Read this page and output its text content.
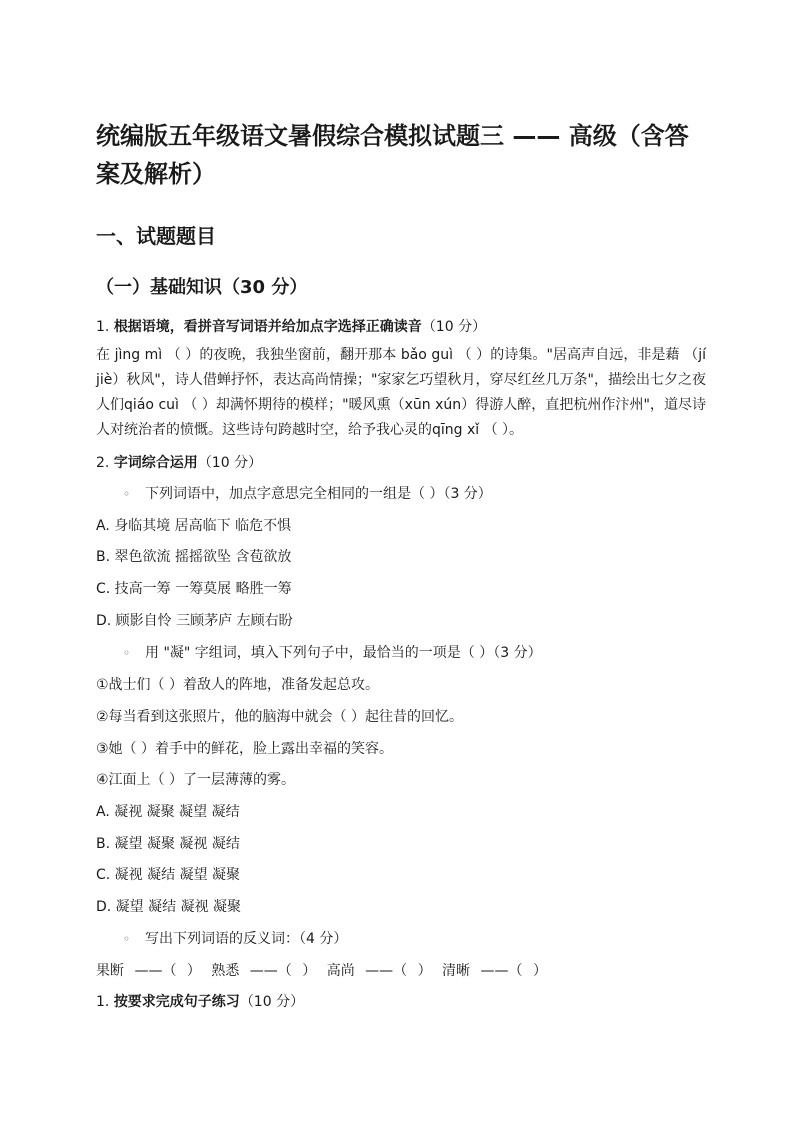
统编版五年级语文暑假综合模拟试题三 —— 高级（含答
案及解析）
一、试题题目
（一）基础知识（30 分）
1. 根据语境，看拼音写词语并给加点字选择正确读音（10 分）
在 jìng mì （ ）的夜晚，我独坐窗前，翻开那本 bǎo guì （ ）的诗集。"居高声自远，非是藉 （jí jiè）秋风"，诗人借蝉抒怀，表达高尚情操；"家家乞巧望秋月，穿尽红丝几万条"，描绘出七夕之夜人们qiáo cuì （ ）却满怀期待的模样；"暖风熏（xūn xún）得游人醉，直把杭州作汴州"，道尽诗人对统治者的愤慨。这些诗句跨越时空，给予我心灵的qīng xǐ （ ）。
2. 字词综合运用（10 分）
◦ 下列词语中，加点字意思完全相同的一组是（ ）（3 分）
A. 身临其境 居高临下 临危不惧
B. 翠色欲流 摇摇欲坠 含苞欲放
C. 技高一筹 一筹莫展 略胜一筹
D. 顾影自怜 三顾茅庐 左顾右盼
◦ 用 "凝" 字组词，填入下列句子中，最恰当的一项是（ ）（3 分）
①战士们（ ）着敌人的阵地，准备发起总攻。
②每当看到这张照片，他的脑海中就会（ ）起往昔的回忆。
③她（ ）着手中的鲜花，脸上露出幸福的笑容。
④江面上（ ）了一层薄薄的雾。
A. 凝视 凝聚 凝望 凝结
B. 凝望 凝聚 凝视 凝结
C. 凝视 凝结 凝望 凝聚
D. 凝望 凝结 凝视 凝聚
◦ 写出下列词语的反义词：（4 分）
果断 ——（ ） 熟悉 ——（ ） 高尚 ——（ ） 清晰 ——（ ）
1. 按要求完成句子练习（10 分）
